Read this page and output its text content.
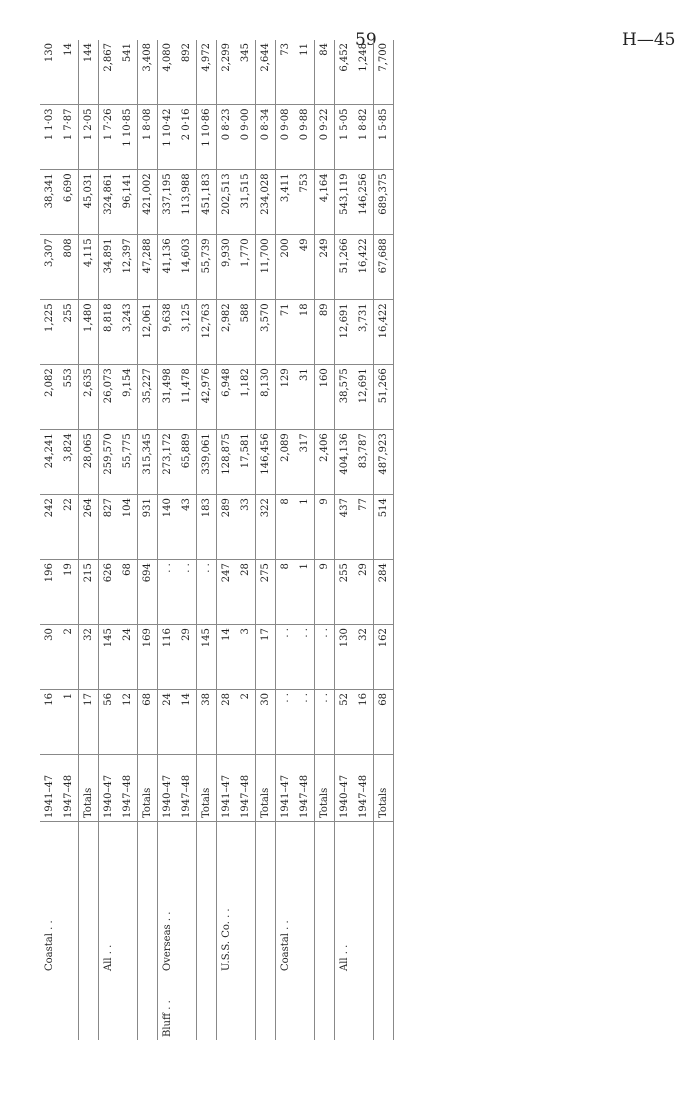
59	H—45
	Coastal . .		1941–47	16	30	196	242	24,241	2,082	1,225	3,307	38,341	1 1·03	130
			1947–48	1	2	19	22	3,824	553	255	808	6,690	1 7·87	14
			Totals	17	32	215	264	28,065	2,635	1,480	4,115	45,031	1 2·05	144
	All . .		1940–47	56	145	626	827	259,570	26,073	8,818	34,891	324,861	1 7·26	2,867
			1947–48	12	24	68	104	55,775	9,154	3,243	12,397	96,141	1 10·85	541
			Totals	68	169	694	931	315,345	35,227	12,061	47,288	421,002	1 8·08	3,408
Bluff . .	Overseas . .		1940–47	24	116	. .	140	273,172	31,498	9,638	41,136	337,195	1 10·42	4,080
			1947–48	14	29	. .	43	65,889	11,478	3,125	14,603	113,988	2 0·16	892
			Totals	38	145	. .	183	339,061	42,976	12,763	55,739	451,183	1 10·86	4,972
	U.S.S. Co. . .		1941–47	28	14	247	289	128,875	6,948	2,982	9,930	202,513	0 8·23	2,299
			1947–48	2	3	28	33	17,581	1,182	588	1,770	31,515	0 9·00	345
			Totals	30	17	275	322	146,456	8,130	3,570	11,700	234,028	0 8·34	2,644
	Coastal . .		1941–47	. .	. .	8	8	2,089	129	71	200	3,411	0 9·08	73
			1947–48	. .	. .	1	1	317	31	18	49	753	0 9·88	11
			Totals	. .	. .	9	9	2,406	160	89	249	4,164	0 9·22	84
	All . .		1940–47	52	130	255	437	404,136	38,575	12,691	51,266	543,119	1 5·05	6,452
			1947–48	16	32	29	77	83,787	12,691	3,731	16,422	146,256	1 8·82	1,248
			Totals	68	162	284	514	487,923	51,266	16,422	67,688	689,375	1 5·85	7,700
